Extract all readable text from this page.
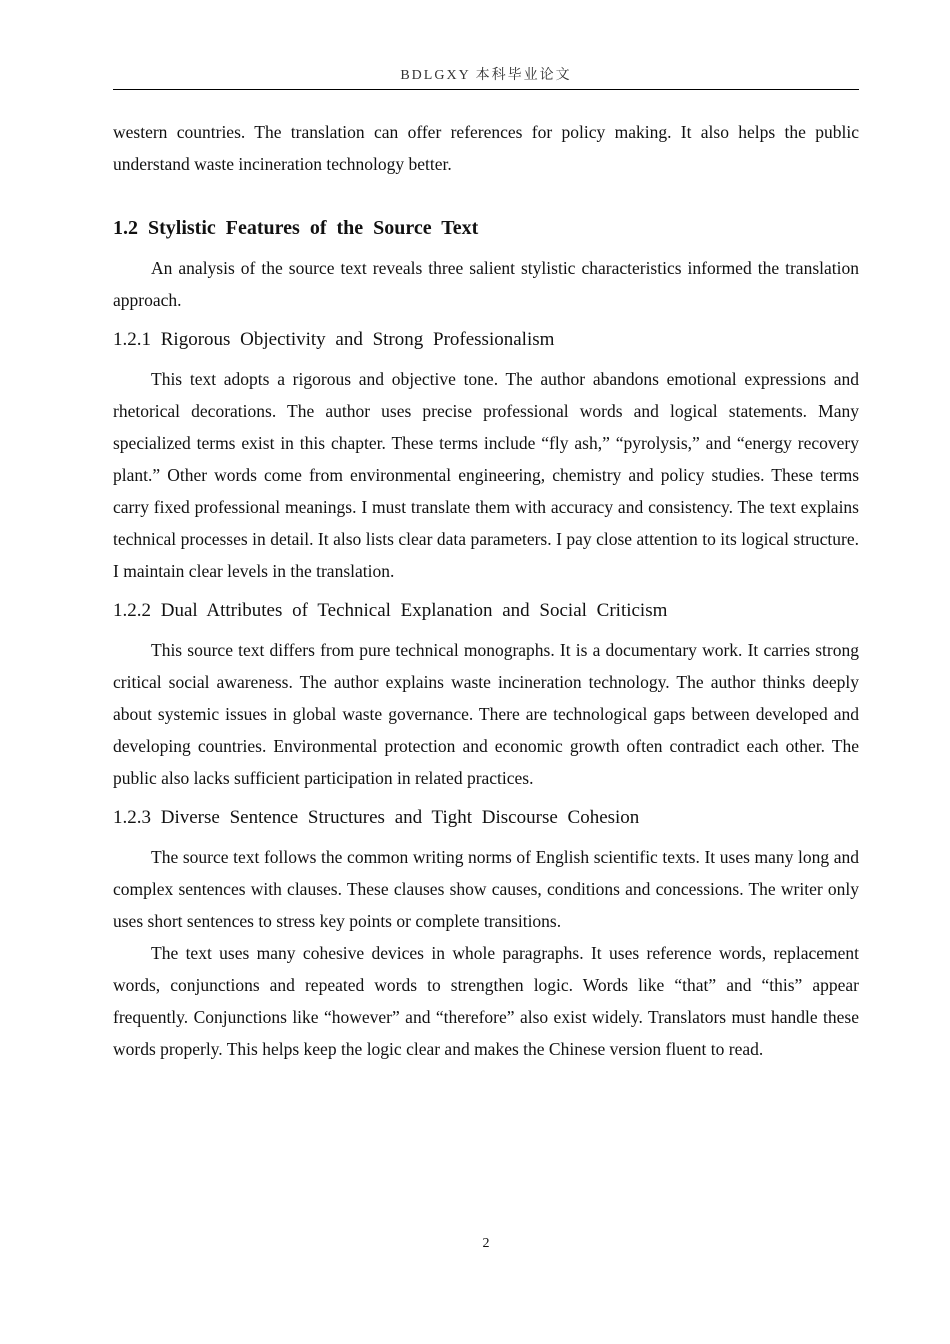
BDLGXY 本科毕业论文

western countries. The translation can offer references for policy making. It also helps the public understand waste incineration technology better.

1.2 Stylistic Features of the Source Text

An analysis of the source text reveals three salient stylistic characteristics informed the translation approach.

1.2.1 Rigorous Objectivity and Strong Professionalism

This text adopts a rigorous and objective tone. The author abandons emotional expressions and rhetorical decorations. The author uses precise professional words and logical statements. Many specialized terms exist in this chapter. These terms include “fly ash,” “pyrolysis,” and “energy recovery plant.” Other words come from environmental engineering, chemistry and policy studies. These terms carry fixed professional meanings. I must translate them with accuracy and consistency. The text explains technical processes in detail. It also lists clear data parameters. I pay close attention to its logical structure. I maintain clear levels in the translation.

1.2.2 Dual Attributes of Technical Explanation and Social Criticism

This source text differs from pure technical monographs. It is a documentary work. It carries strong critical social awareness. The author explains waste incineration technology. The author thinks deeply about systemic issues in global waste governance. There are technological gaps between developed and developing countries. Environmental protection and economic growth often contradict each other. The public also lacks sufficient participation in related practices.

1.2.3 Diverse Sentence Structures and Tight Discourse Cohesion

The source text follows the common writing norms of English scientific texts. It uses many long and complex sentences with clauses. These clauses show causes, conditions and concessions. The writer only uses short sentences to stress key points or complete transitions.

The text uses many cohesive devices in whole paragraphs. It uses reference words, replacement words, conjunctions and repeated words to strengthen logic. Words like “that” and “this” appear frequently. Conjunctions like “however” and “therefore” also exist widely. Translators must handle these words properly. This helps keep the logic clear and makes the Chinese version fluent to read.

2
